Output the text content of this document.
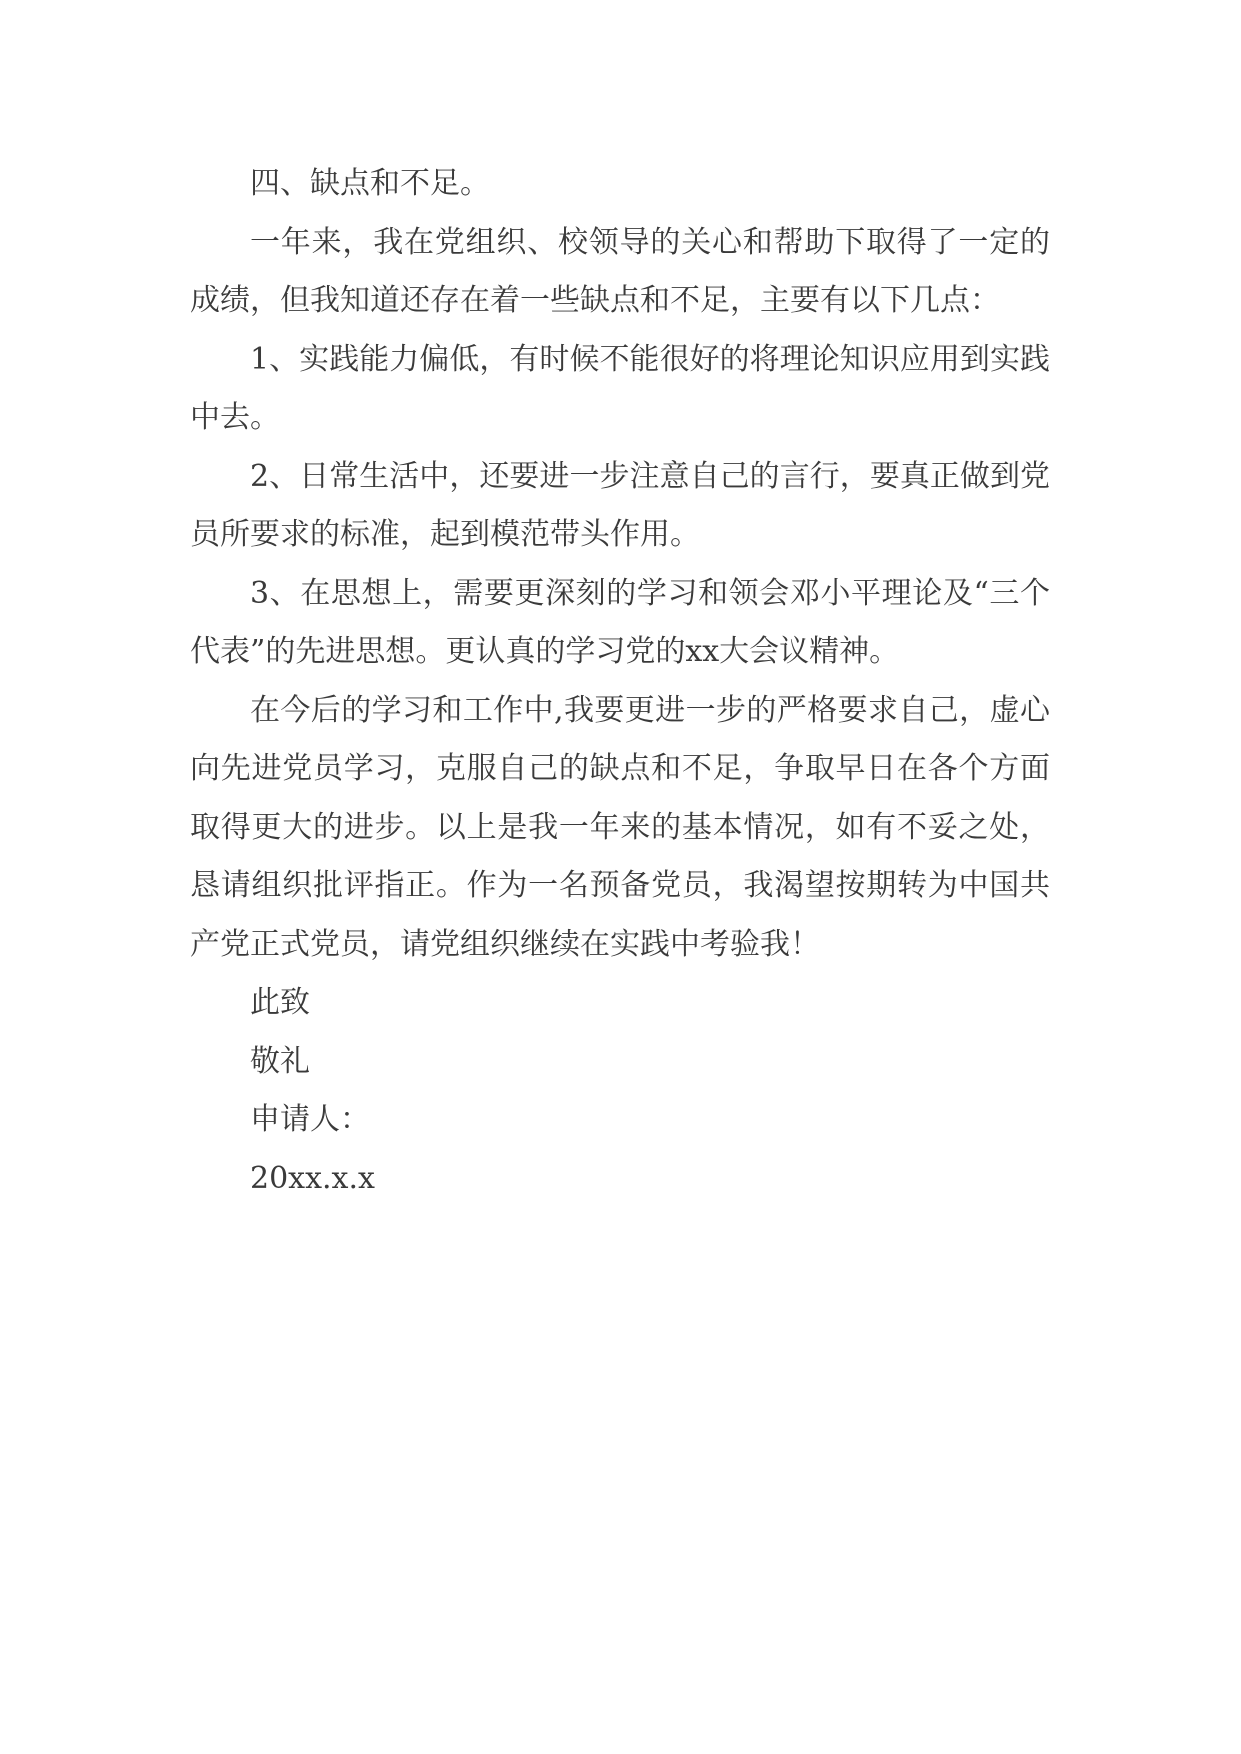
四、缺点和不足。

一年来，我在党组织、校领导的关心和帮助下取得了一定的成绩，但我知道还存在着一些缺点和不足，主要有以下几点：

1、实践能力偏低，有时候不能很好的将理论知识应用到实践中去。

2、日常生活中，还要进一步注意自己的言行，要真正做到党员所要求的标准，起到模范带头作用。

3、在思想上，需要更深刻的学习和领会邓小平理论及“三个代表”的先进思想。更认真的学习党的xx大会议精神。

在今后的学习和工作中,我要更进一步的严格要求自己，虚心向先进党员学习，克服自己的缺点和不足，争取早日在各个方面取得更大的进步。以上是我一年来的基本情况，如有不妥之处，恳请组织批评指正。作为一名预备党员，我渴望按期转为中国共产党正式党员，请党组织继续在实践中考验我！

此致

敬礼

申请人：

20xx.x.x
